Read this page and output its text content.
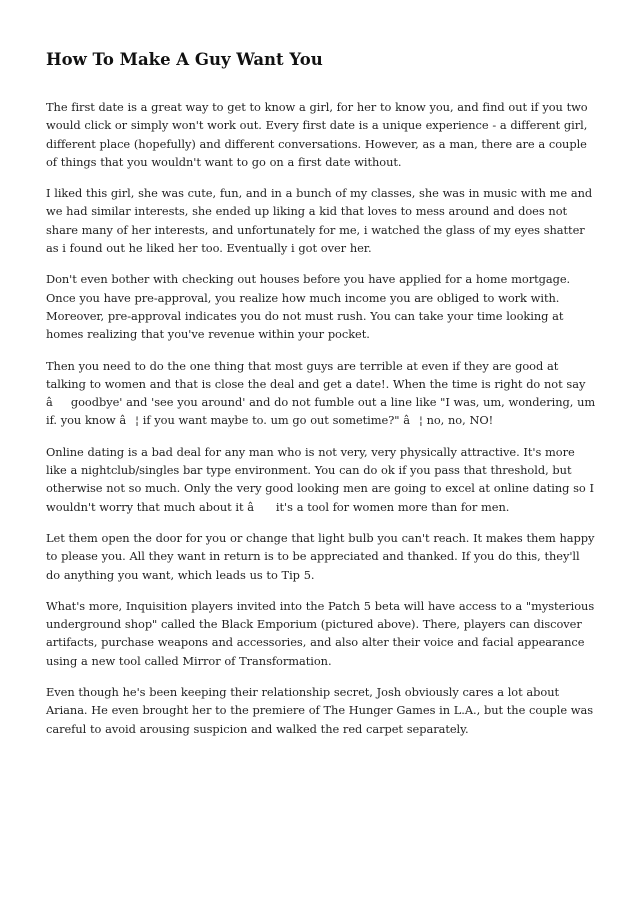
How To Make A Guy Want You

The first date is a great way to get to know a girl, for her to know you, and find out if you two would click or simply won't work out. Every first date is a unique experience - a different girl, different place (hopefully) and different conversations. However, as a man, there are a couple of things that you wouldn't want to go on a first date without.

I liked this girl, she was cute, fun, and in a bunch of my classes, she was in music with me and we had similar interests, she ended up liking a kid that loves to mess around and does not share many of her interests, and unfortunately for me, i watched the glass of my eyes shatter as i found out he liked her too. Eventually i got over her.

Don't even bother with checking out houses before you have applied for a home mortgage. Once you have pre-approval, you realize how much income you are obliged to work with. Moreover, pre-approval indicates you do not must rush. You can take your time looking at homes realizing that you've revenue within your pocket.

Then you need to do the one thing that most guys are terrible at even if they are good at talking to women and that is close the deal and get a date!. When the time is right do not say âgoodbye' and 'see you around' and do not fumble out a line like "I was, um, wondering, um if. you know â¦ if you want maybe to. um go out sometime?" â¦ no, no, NO!

Online dating is a bad deal for any man who is not very, very physically attractive. It's more like a nightclub/singles bar type environment. You can do ok if you pass that threshold, but otherwise not so much. Only the very good looking men are going to excel at online dating so I wouldn't worry that much about it â it's a tool for women more than for men.

Let them open the door for you or change that light bulb you can't reach. It makes them happy to please you. All they want in return is to be appreciated and thanked. If you do this, they'll do anything you want, which leads us to Tip 5.

What's more, Inquisition players invited into the Patch 5 beta will have access to a "mysterious underground shop" called the Black Emporium (pictured above). There, players can discover artifacts, purchase weapons and accessories, and also alter their voice and facial appearance using a new tool called Mirror of Transformation.

Even though he's been keeping their relationship secret, Josh obviously cares a lot about Ariana. He even brought her to the premiere of The Hunger Games in L.A., but the couple was careful to avoid arousing suspicion and walked the red carpet separately.
